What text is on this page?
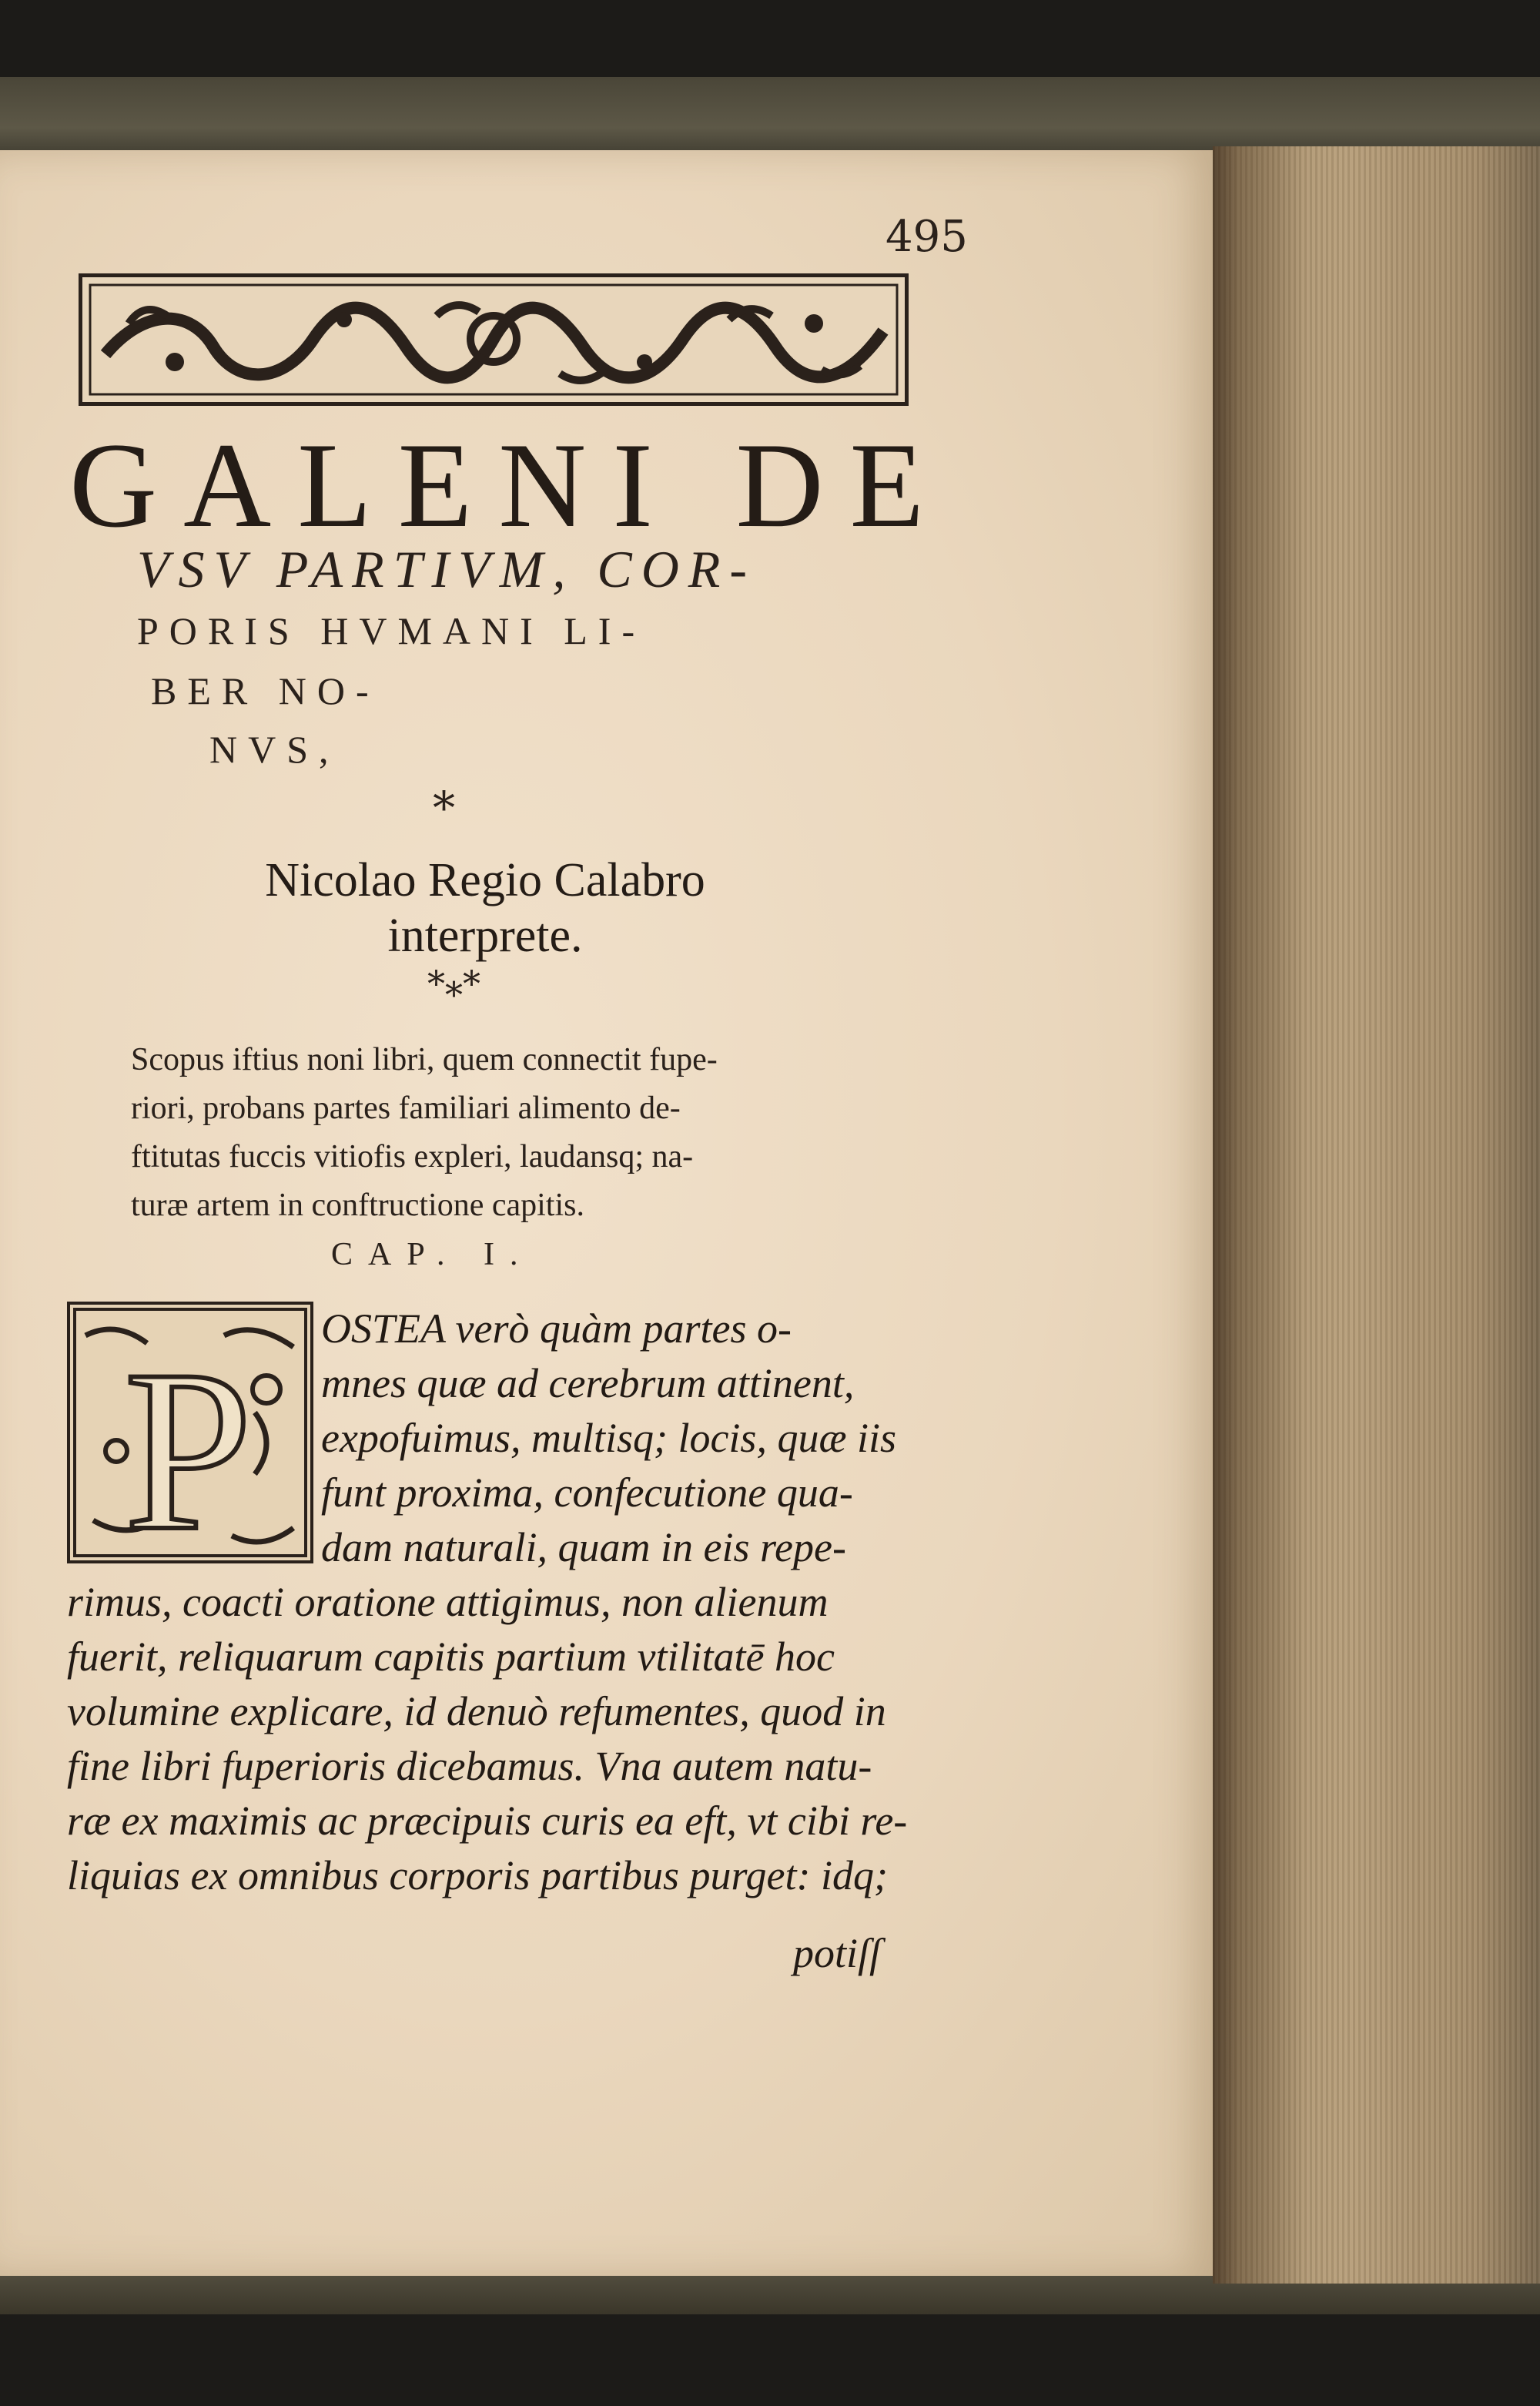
495
GALENI DE
VSV PARTIVM, COR-
PORIS HVMANI LI-
BER NO-
NVS,
*
Nicolao Regio Calabro
interprete.
*⁎*
Scopus iftius noni libri, quem connectit fupe-
riori, probans partes familiari alimento de-
ftitutas fuccis vitiofis expleri, laudansq; na-
turæ artem in conftructione capitis.
CAP. I.
P	OSTEA verò quàm partes o-
mnes quæ ad cerebrum attinent,
expofuimus, multisq; locis, quæ iis
funt proxima, confecutione qua-
dam naturali, quam in eis repe-
rimus, coacti oratione attigimus, non alienum
fuerit, reliquarum capitis partium vtilitatē hoc
volumine explicare, id denuò refumentes, quod in
fine libri fuperioris dicebamus. Vna autem natu-
ræ ex maximis ac præcipuis curis ea eft, vt cibi re-
liquias ex omnibus corporis partibus purget: idq;
potiſſ
